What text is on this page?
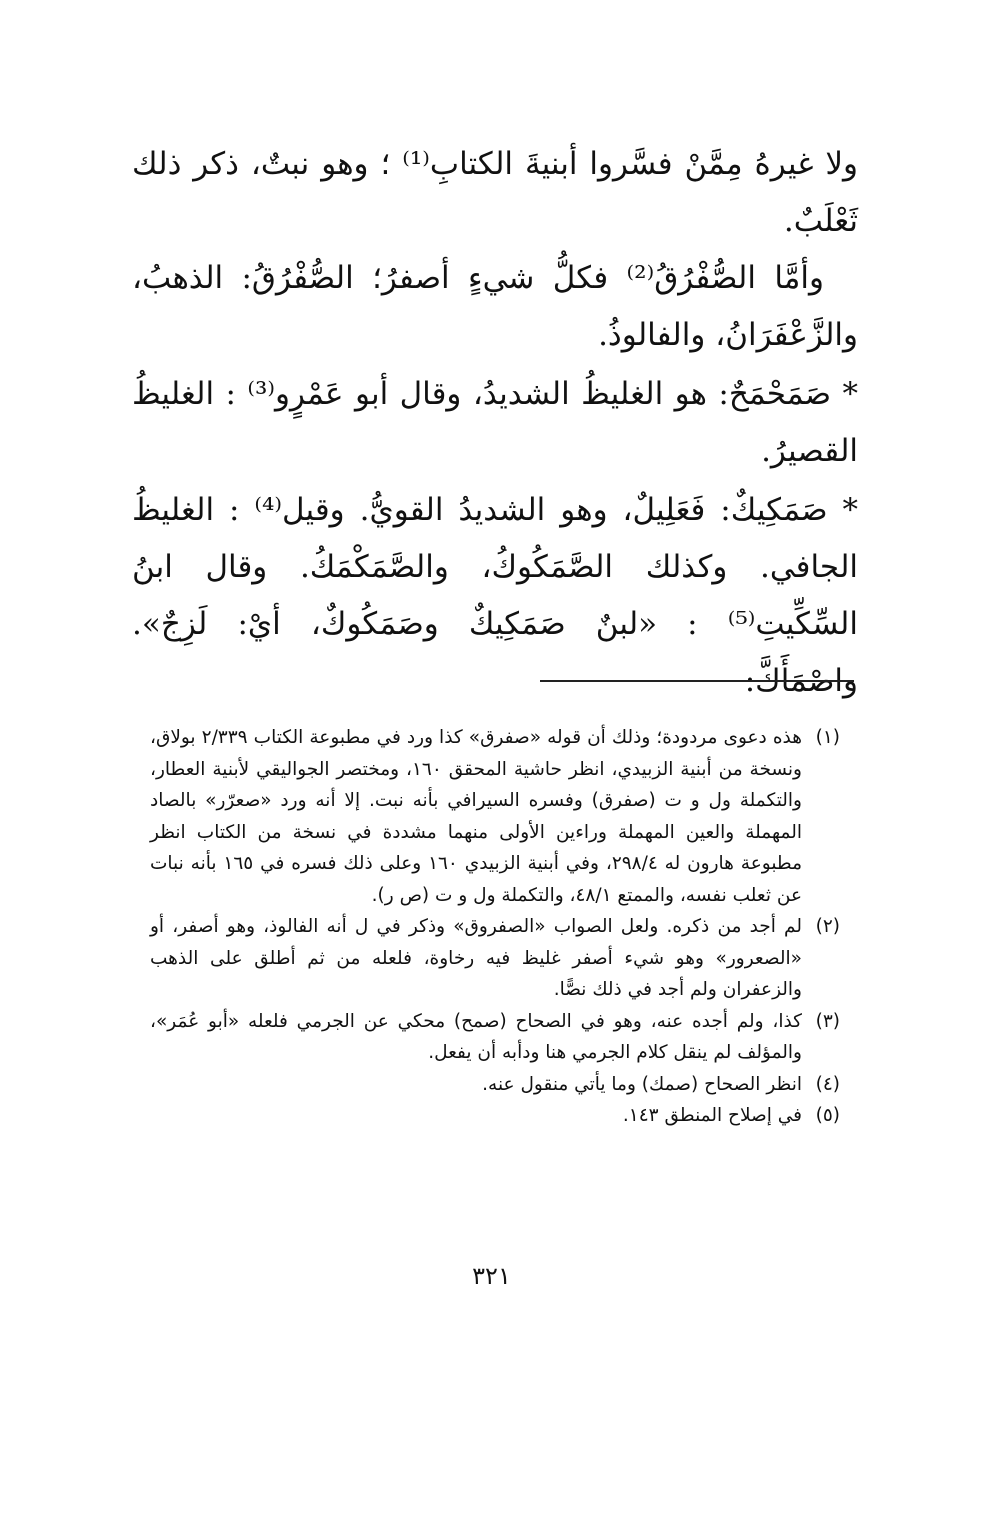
ولا غيرهُ مِمَّنْ فسَّروا أبنيةَ الكتابِ⁽¹⁾ ؛ وهو نبتٌ، ذكر ذلك ثَعْلَبٌ.

وأمَّا الصُّفْرُقُ⁽²⁾ فكلُّ شيءٍ أصفرُ؛ الصُّفْرُقُ: الذهبُ، والزَّعْفَرَانُ، والفالوذُ.

* صَمَحْمَحٌ: هو الغليظُ الشديدُ، وقال أبو عَمْرٍو⁽³⁾ : الغليظُ القصيرُ.

* صَمَكِيكٌ: فَعَلِيلٌ، وهو الشديدُ القويُّ. وقيل⁽⁴⁾ : الغليظُ الجافي. وكذلك الصَّمَكُوكُ، والصَّمَكْمَكُ. وقال ابنُ السِّكِّيتِ⁽⁵⁾ : «لبنٌ صَمَكِيكٌ وصَمَكُوكٌ، أيْ: لَزِجٌ». واصْمَأَكَّ:

(١)
هذه دعوى مردودة؛ وذلك أن قوله «صفرق» كذا ورد في مطبوعة الكتاب ٢/٣٣٩ بولاق، ونسخة من أبنية الزبيدي، انظر حاشية المحقق ١٦٠، ومختصر الجواليقي لأبنية العطار، والتكملة ول و ت (صفرق) وفسره السيرافي بأنه نبت. إلا أنه ورد «صعرّر» بالصاد المهملة والعين المهملة وراءين الأولى منهما مشددة في نسخة من الكتاب انظر مطبوعة هارون له ٢٩٨/٤، وفي أبنية الزبيدي ١٦٠ وعلى ذلك فسره في ١٦٥ بأنه نبات عن ثعلب نفسه، والممتع ٤٨/١، والتكملة ول و ت (ص ر).
(٢)
لم أجد من ذكره. ولعل الصواب «الصفروق» وذكر في ل أنه الفالوذ، وهو أصفر، أو «الصعرور» وهو شيء أصفر غليظ فيه رخاوة، فلعله من ثم أطلق على الذهب والزعفران ولم أجد في ذلك نصًّا.
(٣)
كذا، ولم أجده عنه، وهو في الصحاح (صمح) محكي عن الجرمي فلعله «أبو عُمَر»، والمؤلف لم ينقل كلام الجرمي هنا ودأبه أن يفعل.
(٤)
انظر الصحاح (صمك) وما يأتي منقول عنه.
(٥)
في إصلاح المنطق ١٤٣.
٣٢١
